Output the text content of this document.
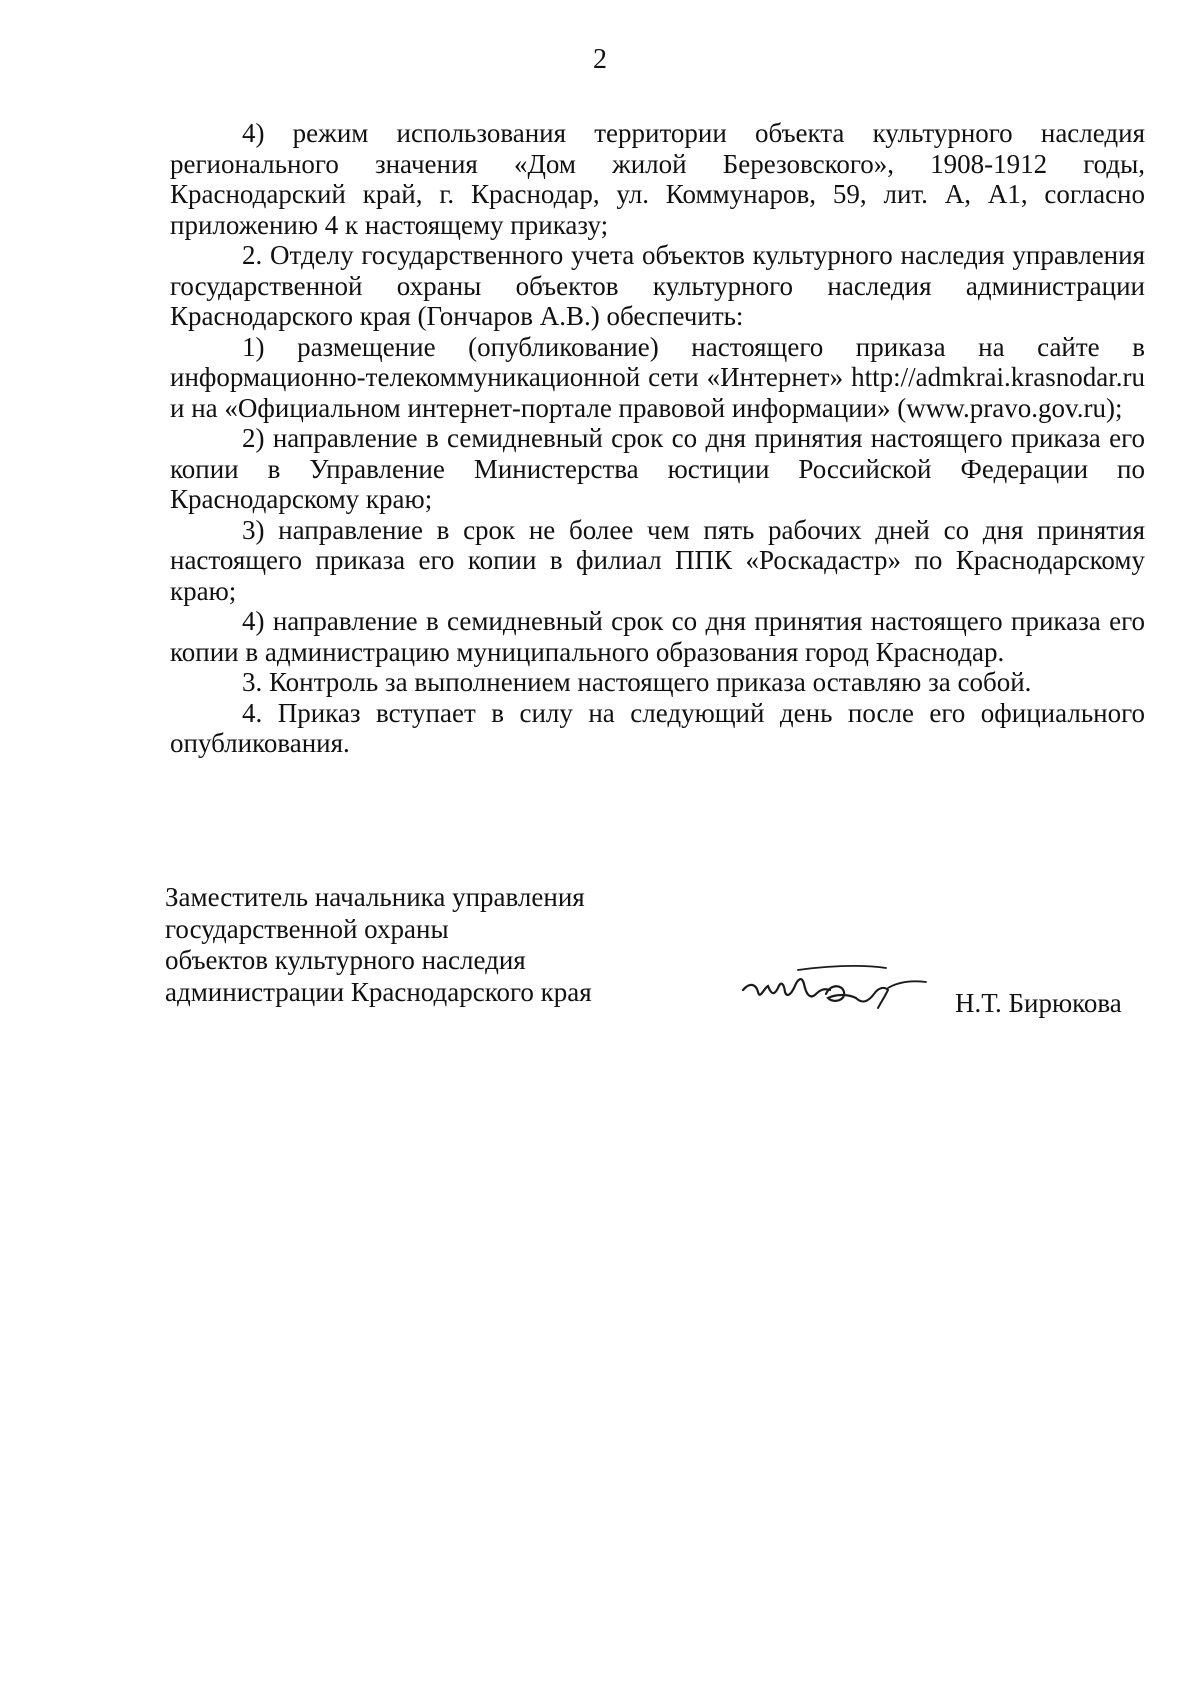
2

4) режим использования территории объекта культурного наследия регионального значения «Дом жилой Березовского», 1908-1912 годы, Краснодарский край, г. Краснодар, ул. Коммунаров, 59, лит. А, А1, согласно приложению 4 к настоящему приказу;

2. Отделу государственного учета объектов культурного наследия управления государственной охраны объектов культурного наследия администрации Краснодарского края (Гончаров А.В.) обеспечить:

1) размещение (опубликование) настоящего приказа на сайте в информационно-телекоммуникационной сети «Интернет» http://admkrai.krasnodar.ru и на «Официальном интернет-портале правовой информации» (www.pravo.gov.ru);

2) направление в семидневный срок со дня принятия настоящего приказа его копии в Управление Министерства юстиции Российской Федерации по Краснодарскому краю;

3) направление в срок не более чем пять рабочих дней со дня принятия настоящего приказа его копии в филиал ППК «Роскадастр» по Краснодарскому краю;

4) направление в семидневный срок со дня принятия настоящего приказа его копии в администрацию муниципального образования город Краснодар.

3. Контроль за выполнением настоящего приказа оставляю за собой.

4. Приказ вступает в силу на следующий день после его официального опубликования.

Заместитель начальника управления
государственной охраны
объектов культурного наследия
администрации Краснодарского края	Н.Т. Бирюкова
